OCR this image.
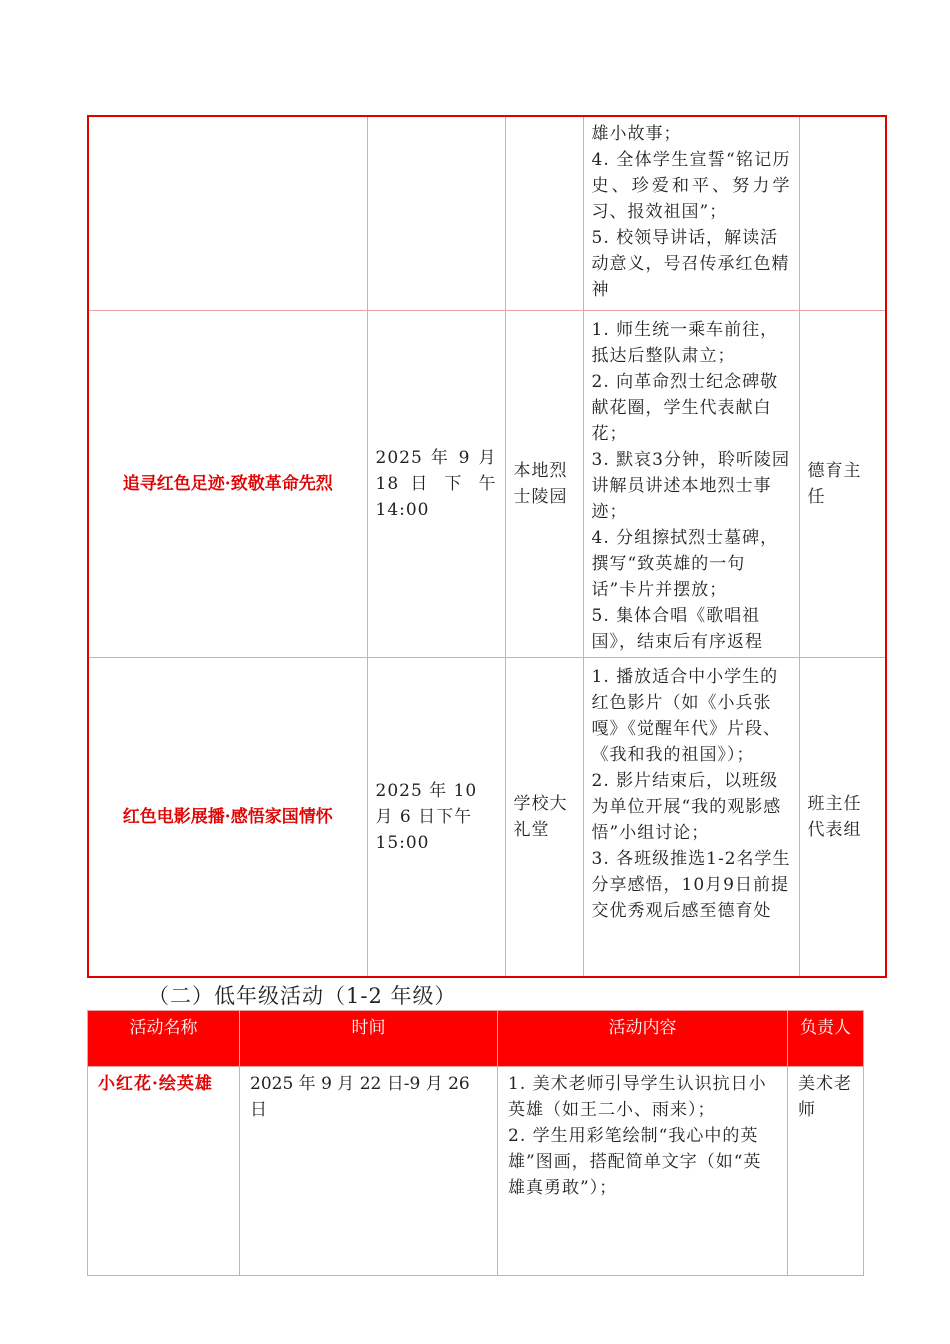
			雄小故事；
4. 全体学生宣誓“铭记历史、珍爱和平、努力学习、报效祖国”；
5. 校领导讲话，解读活动意义，号召传承红色精神	

追寻红色足迹·致敬革命先烈	2025 年 9 月 18 日 下 午 14:00	本地烈士陵园	1. 师生统一乘车前往，抵达后整队肃立；
2. 向革命烈士纪念碑敬献花圈，学生代表献白花；
3. 默哀3分钟，聆听陵园讲解员讲述本地烈士事迹；
4. 分组擦拭烈士墓碑，撰写“致英雄的一句话”卡片并摆放；
5. 集体合唱《歌唱祖国》，结束后有序返程	德育主任
红色电影展播·感悟家国情怀	2025 年 10 月 6 日下午 15:00	学校大礼堂	1. 播放适合中小学生的红色影片（如《小兵张嘎》《觉醒年代》片段、《我和我的祖国》）；
2. 影片结束后，以班级为单位开展“我的观影感悟”小组讨论；
3. 各班级推选1-2名学生分享感悟，10月9日前提交优秀观后感至德育处	班主任代表组
（二）低年级活动（1-2 年级）
活动名称	时间	活动内容	负责人
小红花·绘英雄	2025 年 9 月 22 日-9 月 26 日	1. 美术老师引导学生认识抗日小英雄（如王二小、雨来）；
2. 学生用彩笔绘制“我心中的英雄”图画，搭配简单文字（如“英雄真勇敢”）；	美术老师
